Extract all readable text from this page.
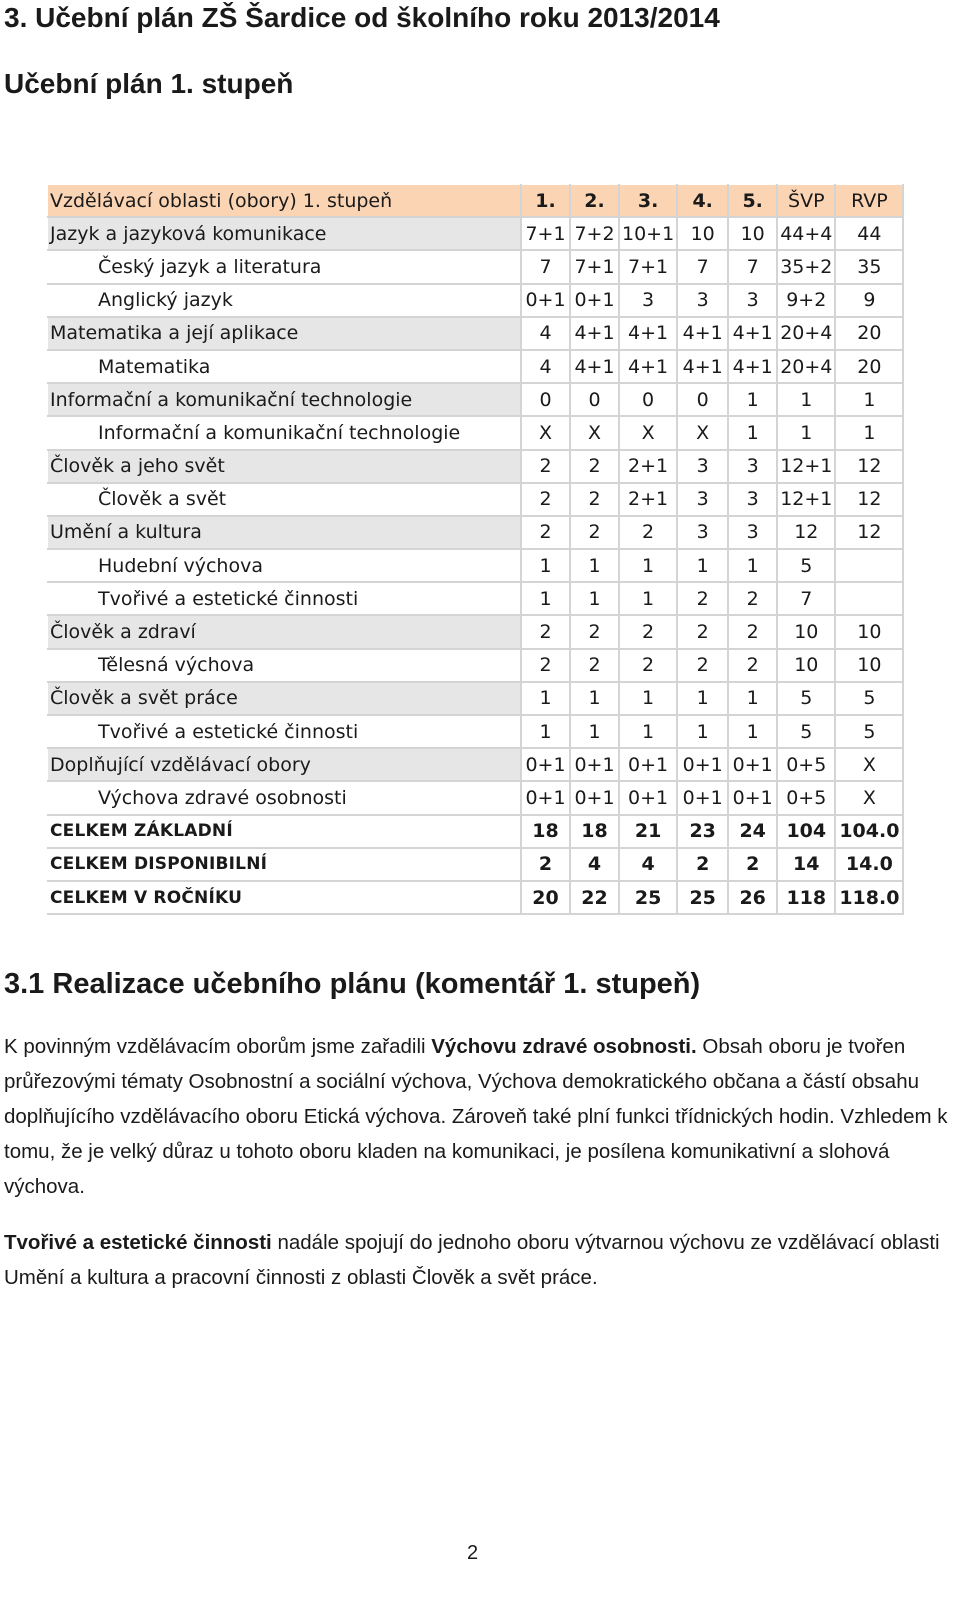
3. Učební plán ZŠ Šardice od školního roku 2013/2014
Učební plán 1. stupeň
Vzdělávací oblasti (obory) 1. stupeň	1.	2.	3.	4.	5.	ŠVP	RVP
Jazyk a jazyková komunikace	7+1	7+2	10+1	10	10	44+4	44
Český jazyk a literatura	7	7+1	7+1	7	7	35+2	35
Anglický jazyk	0+1	0+1	3	3	3	9+2	9
Matematika a její aplikace	4	4+1	4+1	4+1	4+1	20+4	20
Matematika	4	4+1	4+1	4+1	4+1	20+4	20
Informační a komunikační technologie	0	0	0	0	1	1	1
Informační a komunikační technologie	X	X	X	X	1	1	1
Člověk a jeho svět	2	2	2+1	3	3	12+1	12
Člověk a svět	2	2	2+1	3	3	12+1	12
Umění a kultura	2	2	2	3	3	12	12
Hudební výchova	1	1	1	1	1	5	
Tvořivé a estetické činnosti	1	1	1	2	2	7	
Člověk a zdraví	2	2	2	2	2	10	10
Tělesná výchova	2	2	2	2	2	10	10
Člověk a svět práce	1	1	1	1	1	5	5
Tvořivé a estetické činnosti	1	1	1	1	1	5	5
Doplňující vzdělávací obory	0+1	0+1	0+1	0+1	0+1	0+5	X
Výchova zdravé osobnosti	0+1	0+1	0+1	0+1	0+1	0+5	X
CELKEM ZÁKLADNÍ	18	18	21	23	24	104	104.0
CELKEM DISPONIBILNÍ	2	4	4	2	2	14	14.0
CELKEM V ROČNÍKU	20	22	25	25	26	118	118.0
3.1 Realizace učebního plánu (komentář 1. stupeň)

K povinným vzdělávacím oborům jsme zařadili Výchovu zdravé osobnosti. Obsah oboru je tvořen průřezovými tématy Osobnostní a sociální výchova, Výchova demokratického občana a částí obsahu doplňujícího vzdělávacího oboru Etická výchova. Zároveň také plní funkci třídnických hodin. Vzhledem k tomu, že je velký důraz u tohoto oboru kladen na komunikaci, je posílena komunikativní a slohová výchova.

Tvořivé a estetické činnosti nadále spojují do jednoho oboru výtvarnou výchovu ze vzdělávací oblasti Umění a kultura a pracovní činnosti z oblasti Člověk a svět práce.

2
